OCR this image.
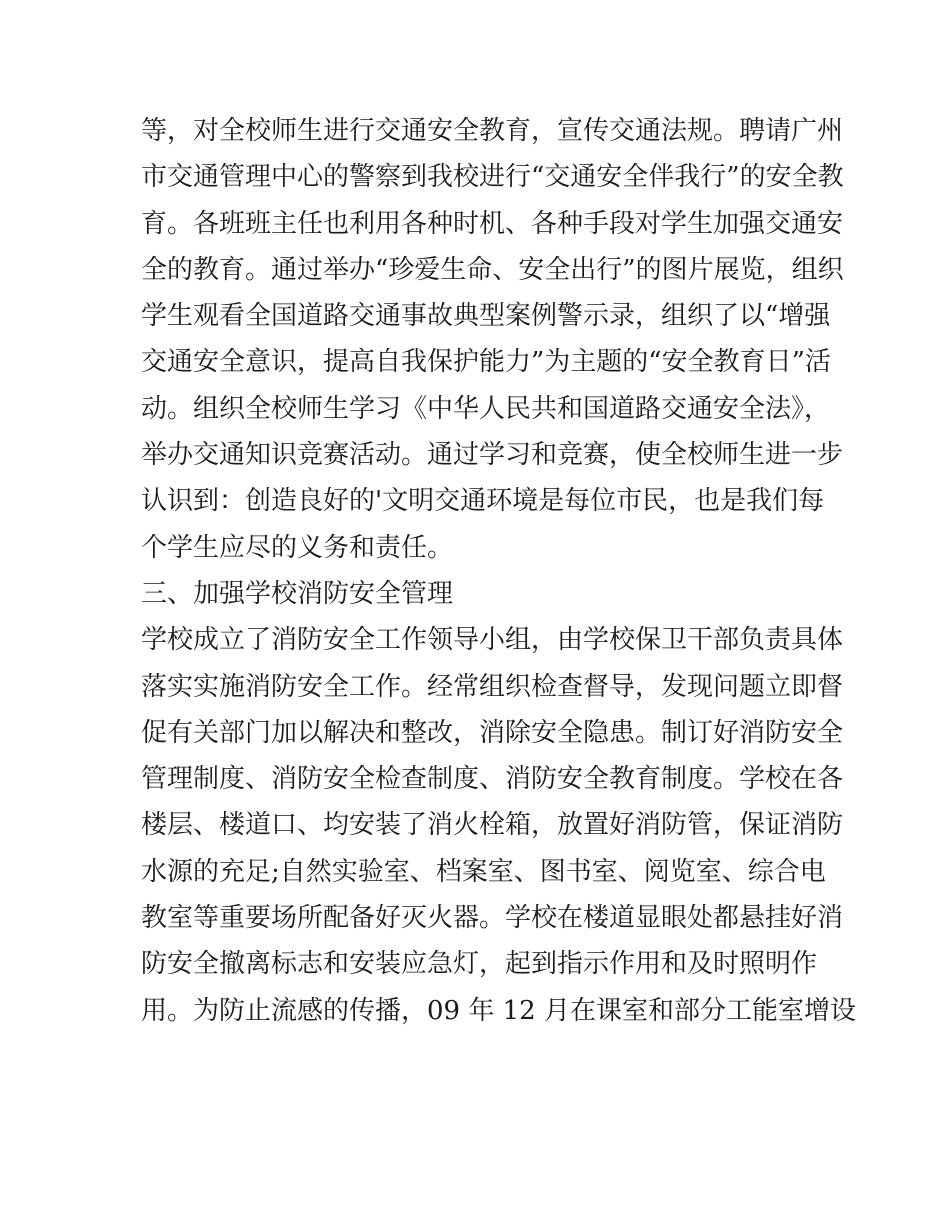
等，对全校师生进行交通安全教育，宣传交通法规。聘请广州
市交通管理中心的警察到我校进行“交通安全伴我行”的安全教
育。各班班主任也利用各种时机、各种手段对学生加强交通安
全的教育。通过举办“珍爱生命、安全出行”的图片展览，组织
学生观看全国道路交通事故典型案例警示录，组织了以“增强
交通安全意识，提高自我保护能力”为主题的“安全教育日”活
动。组织全校师生学习《中华人民共和国道路交通安全法》，
举办交通知识竞赛活动。通过学习和竞赛，使全校师生进一步
认识到：创造良好的'文明交通环境是每位市民，也是我们每
个学生应尽的义务和责任。
三、加强学校消防安全管理
学校成立了消防安全工作领导小组，由学校保卫干部负责具体
落实实施消防安全工作。经常组织检查督导，发现问题立即督
促有关部门加以解决和整改，消除安全隐患。制订好消防安全
管理制度、消防安全检查制度、消防安全教育制度。学校在各
楼层、楼道口、均安装了消火栓箱，放置好消防管，保证消防
水源的充足;自然实验室、档案室、图书室、阅览室、综合电
教室等重要场所配备好灭火器。学校在楼道显眼处都悬挂好消
防安全撤离标志和安装应急灯，起到指示作用和及时照明作
用。为防止流感的传播，09 年 12 月在课室和部分工能室增设
